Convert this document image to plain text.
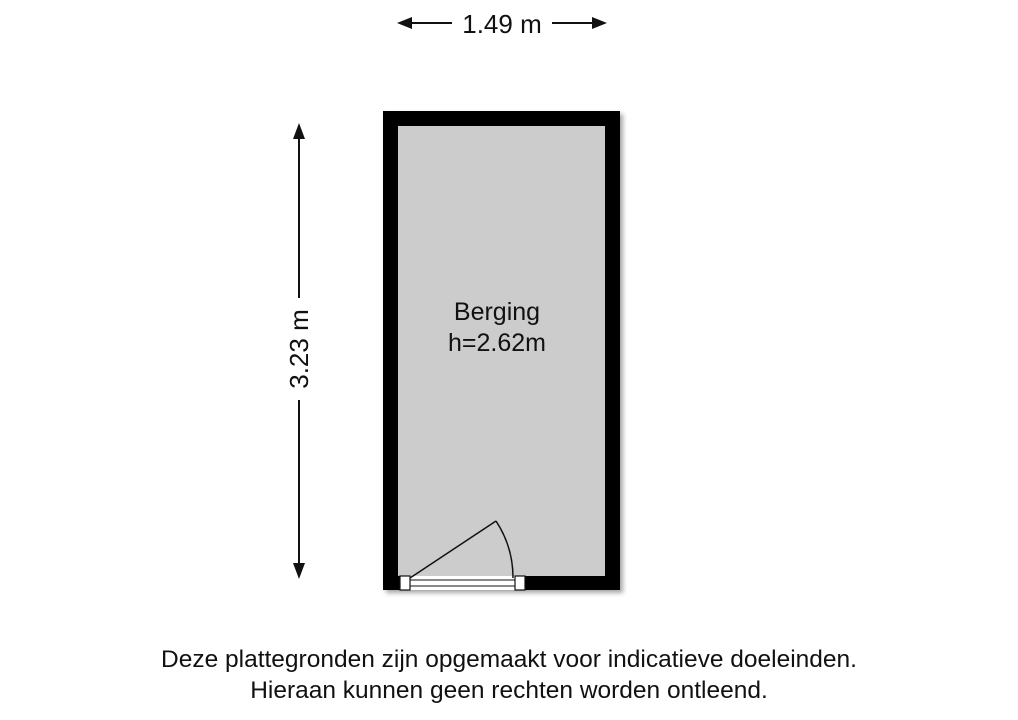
1.49 m
3.23 m	Berging
h=2.62m
Deze plattegronden zijn opgemaakt voor indicatieve doeleinden.
Hieraan kunnen geen rechten worden ontleend.
